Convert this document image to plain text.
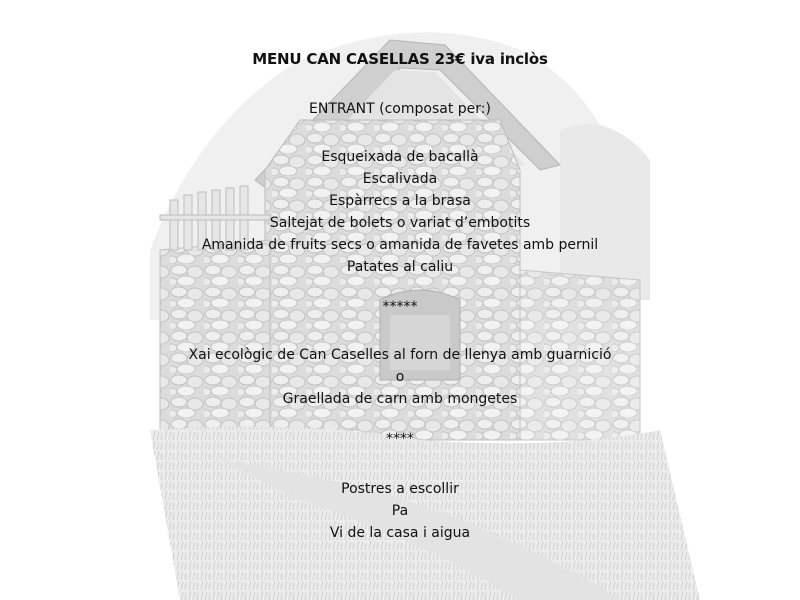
MENU CAN CASELLAS 23€ iva inclòs
ENTRANT (composat per:)
Esqueixada de bacallà
Escalivada
Espàrrecs a la brasa
Saltejat de bolets o variat d’embotits
Amanida de fruits secs o amanida de favetes amb pernil
Patates al caliu
*****
Xai ecològic de Can Caselles al forn de llenya amb guarnició
o
Graellada de carn amb mongetes
****
Postres a escollir
Pa
Vi de la casa i aigua
